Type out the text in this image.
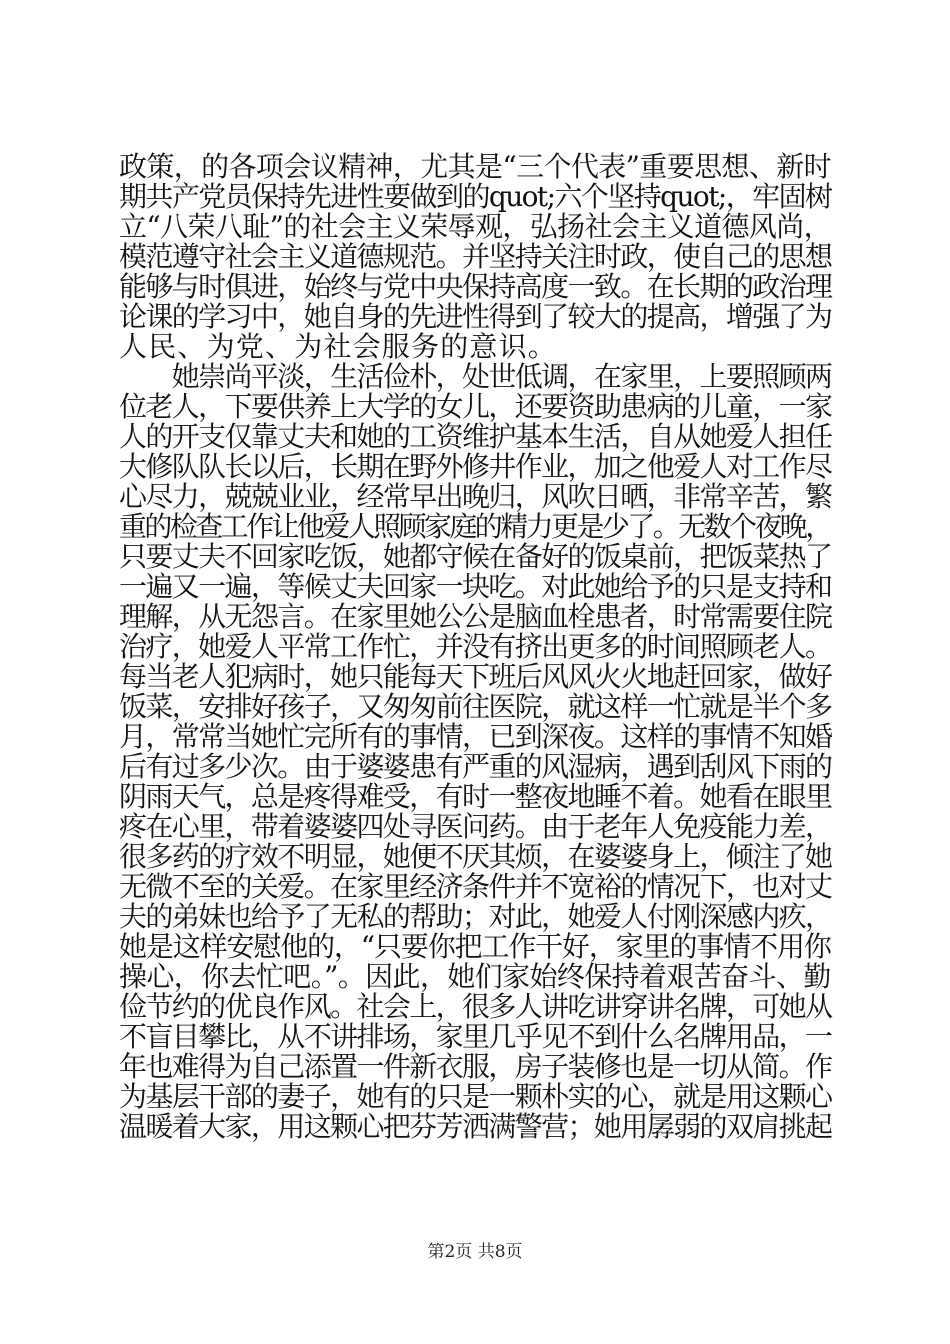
政策，的各项会议精神，尤其是“三个代表”重要思想、新时
期共产党员保持先进性要做到的quot;六个坚持quot;，牢固树
立“八荣八耻”的社会主义荣辱观，弘扬社会主义道德风尚，
模范遵守社会主义道德规范。并坚持关注时政，使自己的思想
能够与时俱进，始终与党中央保持高度一致。在长期的政治理
论课的学习中，她自身的先进性得到了较大的提高，增强了为
人民、为党、为社会服务的意识。
　　她崇尚平淡，生活俭朴，处世低调，在家里，上要照顾两
位老人，下要供养上大学的女儿，还要资助患病的儿童，一家
人的开支仅靠丈夫和她的工资维护基本生活，自从她爱人担任
大修队队长以后，长期在野外修井作业，加之他爱人对工作尽
心尽力，兢兢业业，经常早出晚归，风吹日晒，非常辛苦，繁
重的检查工作让他爱人照顾家庭的精力更是少了。无数个夜晚，
只要丈夫不回家吃饭，她都守候在备好的饭桌前，把饭菜热了
一遍又一遍，等候丈夫回家一块吃。对此她给予的只是支持和
理解，从无怨言。在家里她公公是脑血栓患者，时常需要住院
治疗，她爱人平常工作忙，并没有挤出更多的时间照顾老人。
每当老人犯病时，她只能每天下班后风风火火地赶回家，做好
饭菜，安排好孩子，又匆匆前往医院，就这样一忙就是半个多
月，常常当她忙完所有的事情，已到深夜。这样的事情不知婚
后有过多少次。由于婆婆患有严重的风湿病，遇到刮风下雨的
阴雨天气，总是疼得难受，有时一整夜地睡不着。她看在眼里
疼在心里，带着婆婆四处寻医问药。由于老年人免疫能力差，
很多药的疗效不明显，她便不厌其烦，在婆婆身上，倾注了她
无微不至的关爱。在家里经济条件并不宽裕的情况下，也对丈
夫的弟妹也给予了无私的帮助；对此，她爱人付刚深感内疚，
她是这样安慰他的，“只要你把工作干好，家里的事情不用你
操心，你去忙吧。”。因此，她们家始终保持着艰苦奋斗、勤
俭节约的优良作风。社会上，很多人讲吃讲穿讲名牌，可她从
不盲目攀比，从不讲排场，家里几乎见不到什么名牌用品，一
第2页 共8页
年也难得为自己添置一件新衣服，房子装修也是一切从简。作
为基层干部的妻子，她有的只是一颗朴实的心，就是用这颗心
温暖着大家，用这颗心把芬芳洒满警营；她用孱弱的双肩挑起
